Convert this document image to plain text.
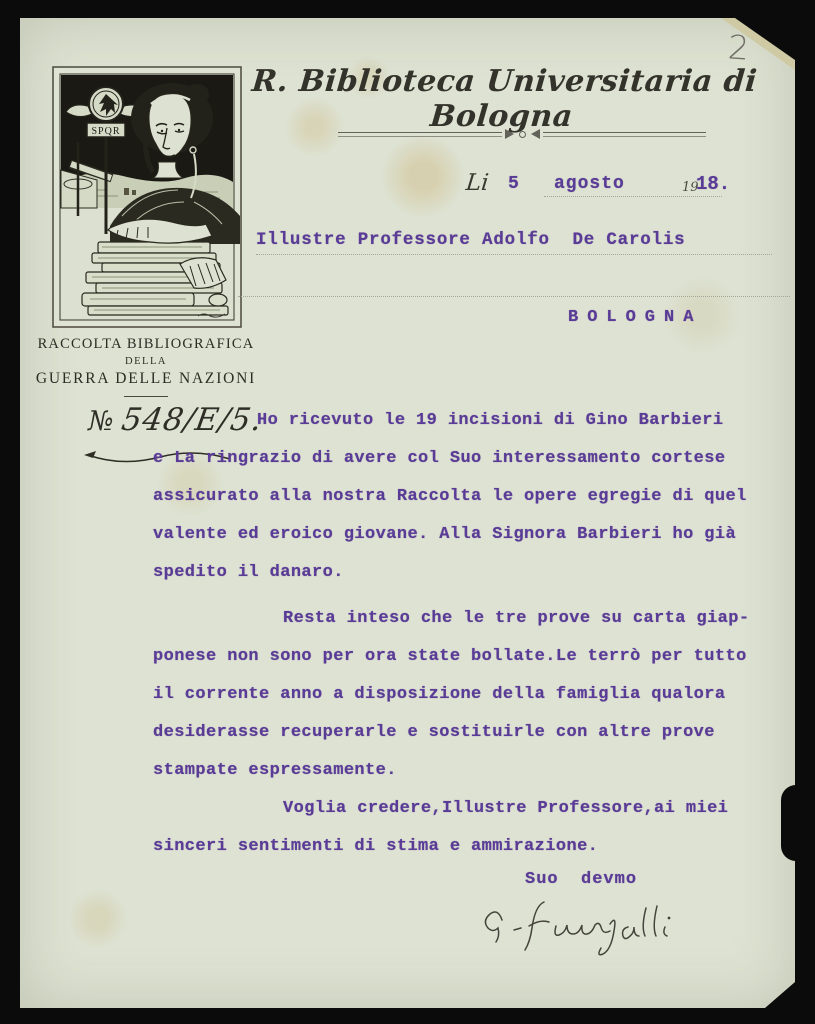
2
SPQR
RACCOLTA BIBLIOGRAFICA
DELLA
GUERRA DELLE NAZIONI
№ 548/E/5.
R. Biblioteca Universitaria di Bologna
Li 5 agosto	19
18.
Illustre Professore Adolfo  De Carolis
BOLOGNA
Ho ricevuto le 19 incisioni di Gino Barbieri
e La ringrazio di avere col Suo interessamento cortese
assicurato alla nostra Raccolta le opere egregie di quel
valente ed eroico giovane. Alla Signora Barbieri ho già
spedito il danaro.
Resta inteso che le tre prove su carta giap-
ponese non sono per ora state bollate.Le terrò per tutto
il corrente anno a disposizione della famiglia qualora
desiderasse recuperarle e sostituirle con altre prove
stampate espressamente.
Voglia credere,Illustre Professore,ai miei
sinceri sentimenti di stima e ammirazione.
Suo  devmo
